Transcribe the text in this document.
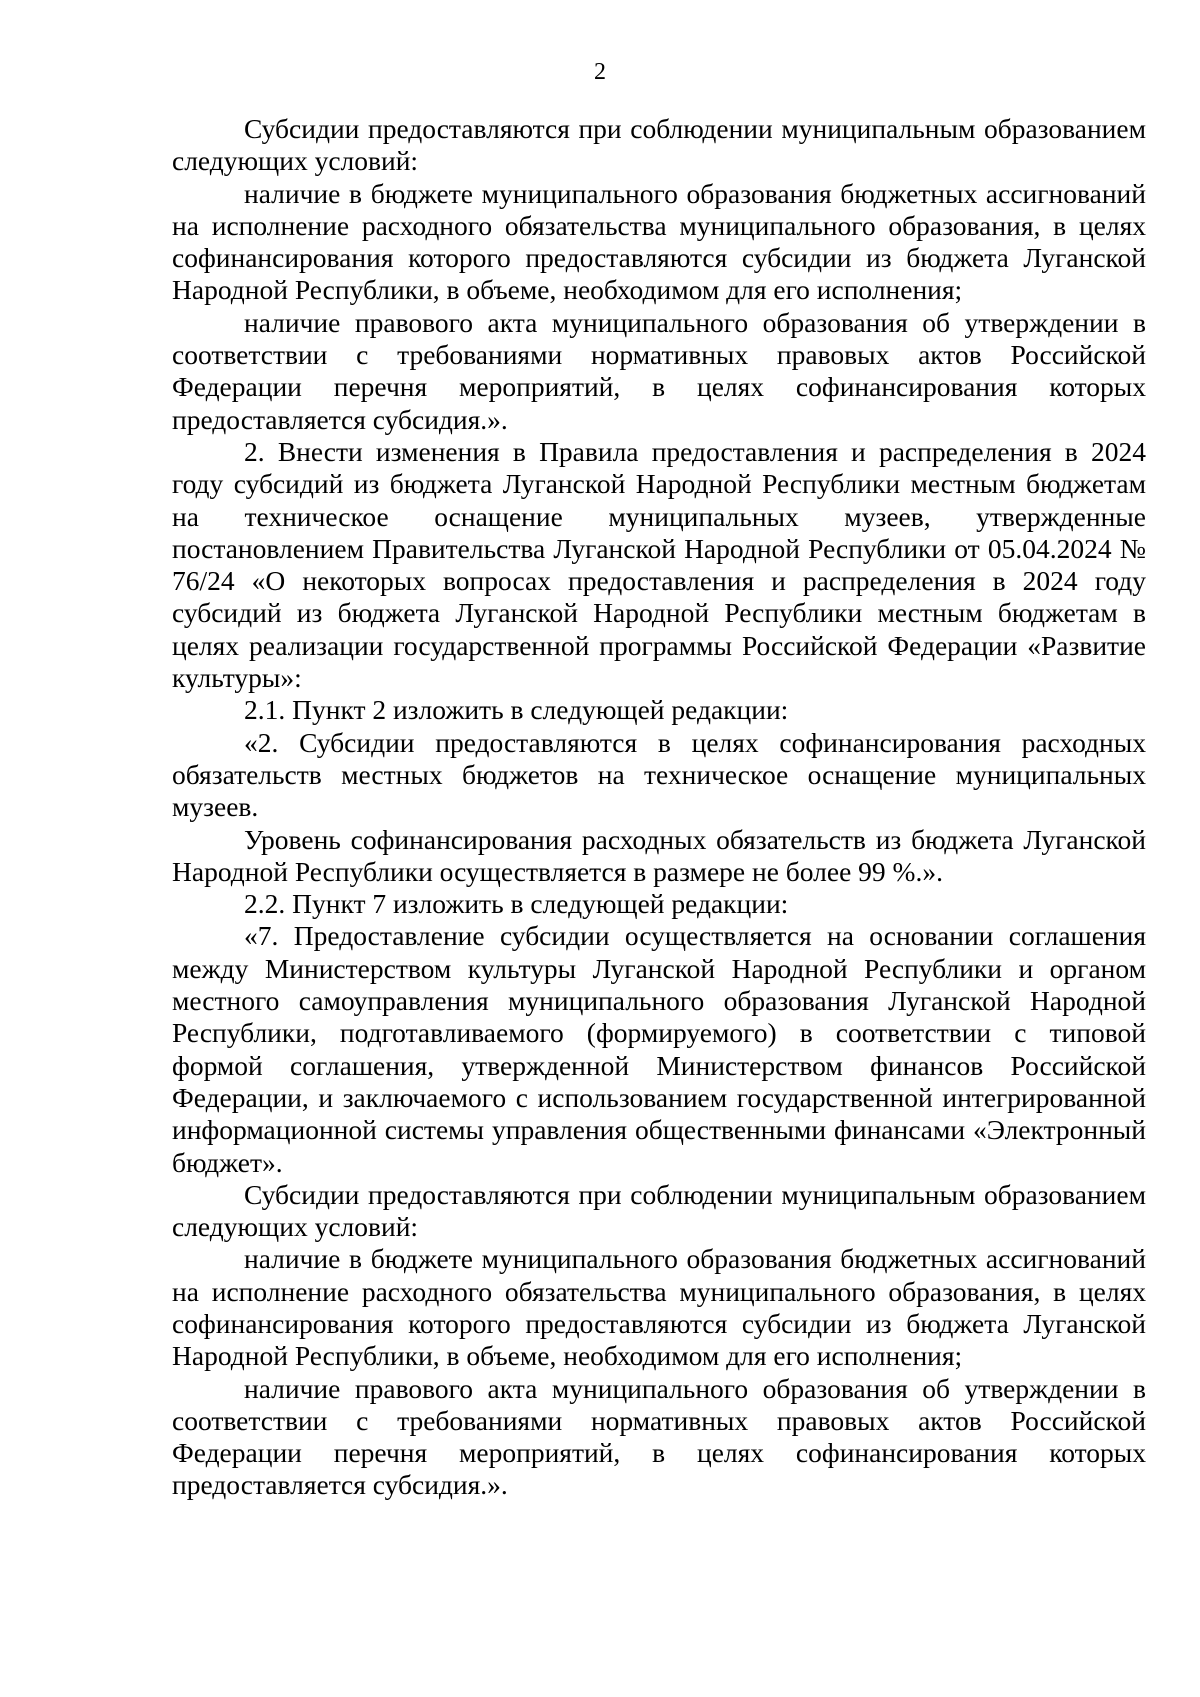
2

Субсидии предоставляются при соблюдении муниципальным образованием следующих условий:

наличие в бюджете муниципального образования бюджетных ассигнований на исполнение расходного обязательства муниципального образования, в целях софинансирования которого предоставляются субсидии из бюджета Луганской Народной Республики, в объеме, необходимом для его исполнения;

наличие правового акта муниципального образования об утверждении в соответствии с требованиями нормативных правовых актов Российской Федерации перечня мероприятий, в целях софинансирования которых предоставляется субсидия.».

2. Внести изменения в Правила предоставления и распределения в 2024 году субсидий из бюджета Луганской Народной Республики местным бюджетам на техническое оснащение муниципальных музеев, утвержденные постановлением Правительства Луганской Народной Республики от 05.04.2024 № 76/24 «О некоторых вопросах предоставления и распределения в 2024 году субсидий из бюджета Луганской Народной Республики местным бюджетам в целях реализации государственной программы Российской Федерации «Развитие культуры»:

2.1. Пункт 2 изложить в следующей редакции:

«2. Субсидии предоставляются в целях софинансирования расходных обязательств местных бюджетов на техническое оснащение муниципальных музеев.

Уровень софинансирования расходных обязательств из бюджета Луганской Народной Республики осуществляется в размере не более 99 %.».

2.2. Пункт 7 изложить в следующей редакции:

«7. Предоставление субсидии осуществляется на основании соглашения между Министерством культуры Луганской Народной Республики и органом местного самоуправления муниципального образования Луганской Народной Республики, подготавливаемого (формируемого) в соответствии с типовой формой соглашения, утвержденной Министерством финансов Российской Федерации, и заключаемого с использованием государственной интегрированной информационной системы управления общественными финансами «Электронный бюджет».

Субсидии предоставляются при соблюдении муниципальным образованием следующих условий:

наличие в бюджете муниципального образования бюджетных ассигнований на исполнение расходного обязательства муниципального образования, в целях софинансирования которого предоставляются субсидии из бюджета Луганской Народной Республики, в объеме, необходимом для его исполнения;

наличие правового акта муниципального образования об утверждении в соответствии с требованиями нормативных правовых актов Российской Федерации перечня мероприятий, в целях софинансирования которых предоставляется субсидия.».
